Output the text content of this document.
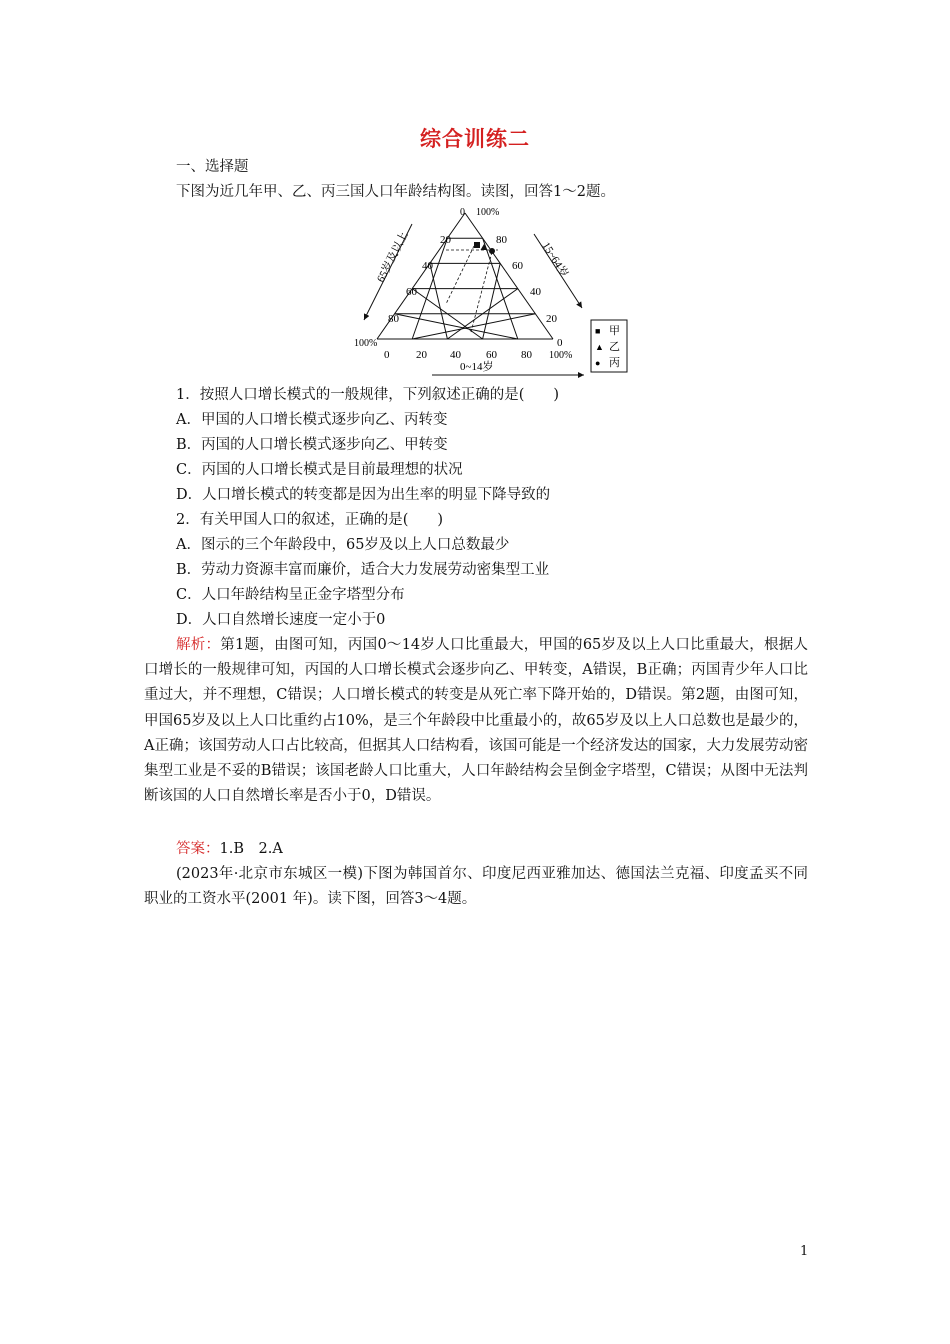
综合训练二
一、选择题
下图为近几年甲、乙、丙三国人口年龄结构图。读图，回答1～2题。
0 100%
20
40
60
80
80
60
40
20
100%	0
0 20 40 60 80 100%
65岁及以上	15~64岁
0~14岁
■ 甲
▲ 乙
● 丙
1．按照人口增长模式的一般规律，下列叙述正确的是(　　)
A．甲国的人口增长模式逐步向乙、丙转变
B．丙国的人口增长模式逐步向乙、甲转变
C．丙国的人口增长模式是目前最理想的状况
D．人口增长模式的转变都是因为出生率的明显下降导致的
2．有关甲国人口的叙述，正确的是(　　)
A．图示的三个年龄段中，65岁及以上人口总数最少
B．劳动力资源丰富而廉价，适合大力发展劳动密集型工业
C．人口年龄结构呈正金字塔型分布
D．人口自然增长速度一定小于0
解析：第1题，由图可知，丙国0～14岁人口比重最大，甲国的65岁及以上人口比重最大，根据人口增长的一般规律可知，丙国的人口增长模式会逐步向乙、甲转变，A错误，B正确；丙国青少年人口比重过大，并不理想，C错误；人口增长模式的转变是从死亡率下降开始的，D错误。第2题，由图可知，甲国65岁及以上人口比重约占10%，是三个年龄段中比重最小的，故65岁及以上人口总数也是最少的，A正确；该国劳动人口占比较高，但据其人口结构看，该国可能是一个经济发达的国家，大力发展劳动密集型工业是不妥的B错误；该国老龄人口比重大，人口年龄结构会呈倒金字塔型，C错误；从图中无法判断该国的人口自然增长率是否小于0，D错误。
答案：1.B　2.A
(2023年·北京市东城区一模)下图为韩国首尔、印度尼西亚雅加达、德国法兰克福、印度孟买不同职业的工资水平(2001 年)。读下图，回答3～4题。
1
